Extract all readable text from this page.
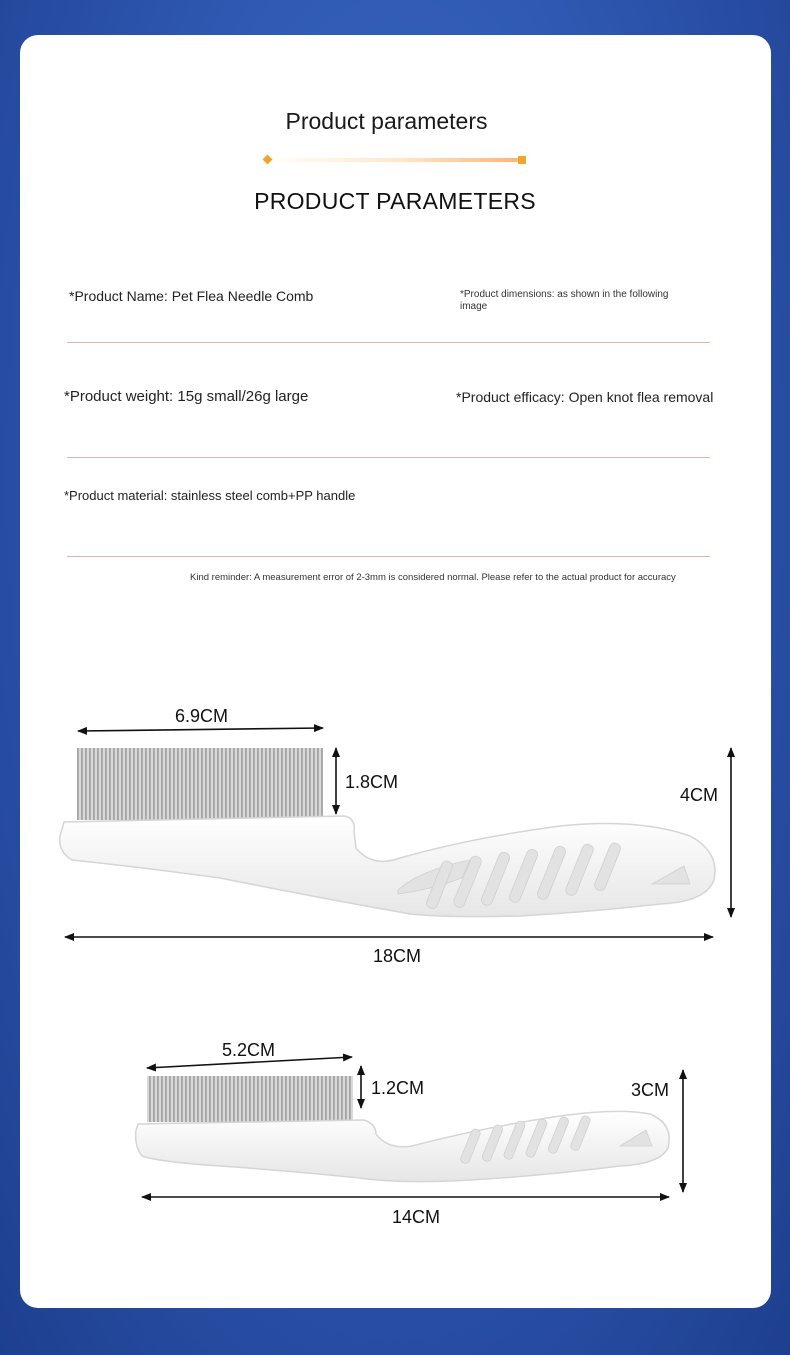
Product parameters
PRODUCT PARAMETERS
*Product Name: Pet Flea Needle Comb	*Product dimensions: as shown in the following image
*Product weight: 15g small/26g large	*Product efficacy: Open knot flea removal
*Product material: stainless steel comb+PP handle
Kind reminder: A measurement error of 2-3mm is considered normal. Please refer to the actual product for accuracy
6.9CM
1.8CM
4CM
18CM
5.2CM
1.2CM	3CM
14CM
